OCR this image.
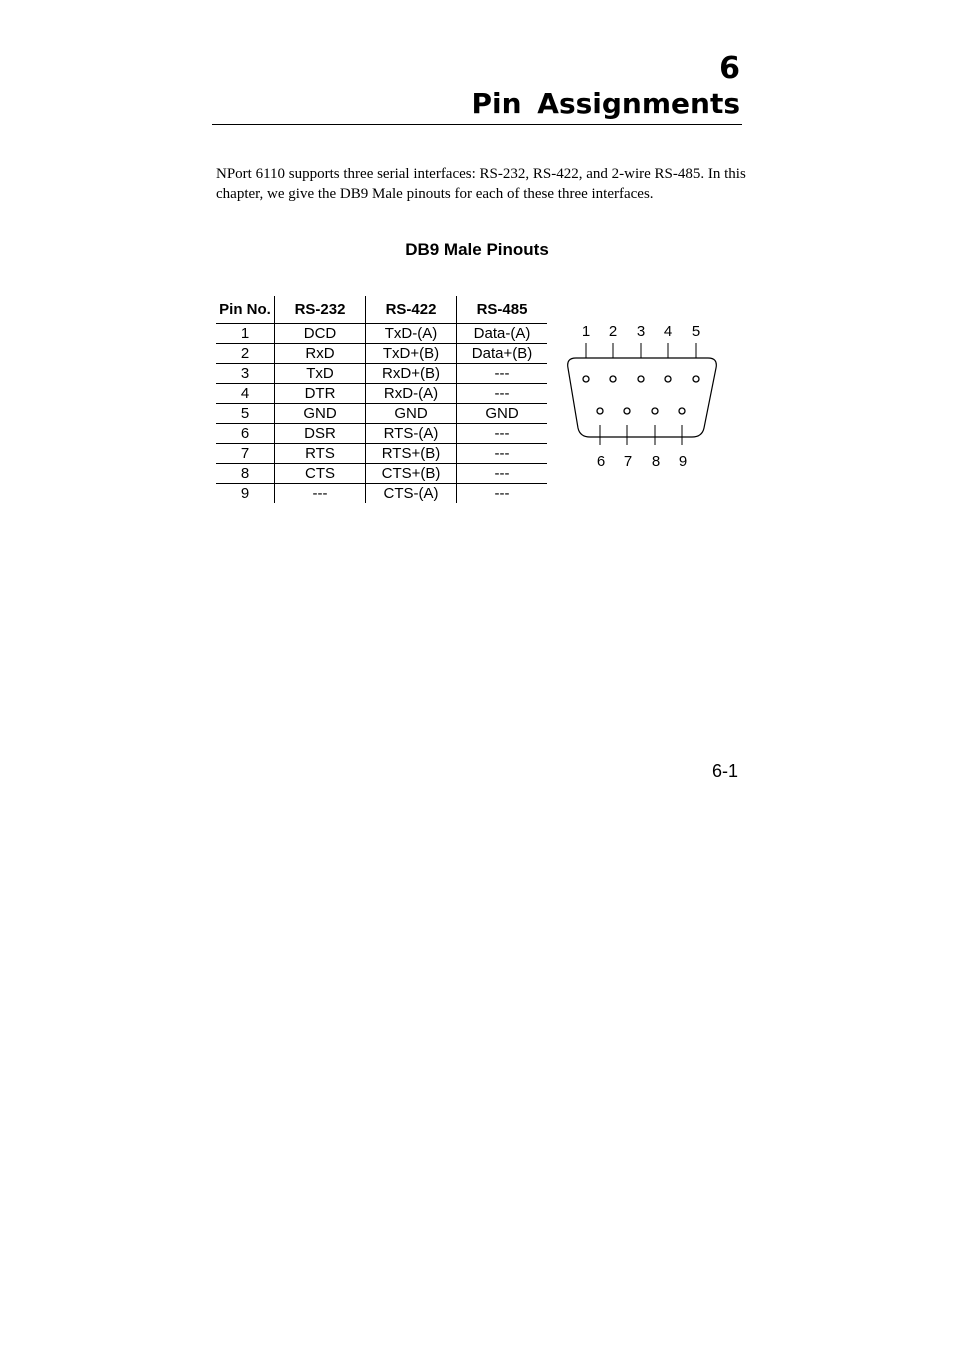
6
Pin Assignments

NPort 6110 supports three serial interfaces: RS-232, RS-422, and 2-wire RS-485. In this chapter, we give the DB9 Male pinouts for each of these three interfaces.

DB9 Male Pinouts
Pin No.	RS-232	RS-422	RS-485
1	DCD	TxD-(A)	Data-(A)
2	RxD	TxD+(B)	Data+(B)
3	TxD	RxD+(B)	---
4	DTR	RxD-(A)	---
5	GND	GND	GND
6	DSR	RTS-(A)	---
7	RTS	RTS+(B)	---
8	CTS	CTS+(B)	---
9	---	CTS-(A)	---
1 2 3 4 5
6 7 8 9
6-1
